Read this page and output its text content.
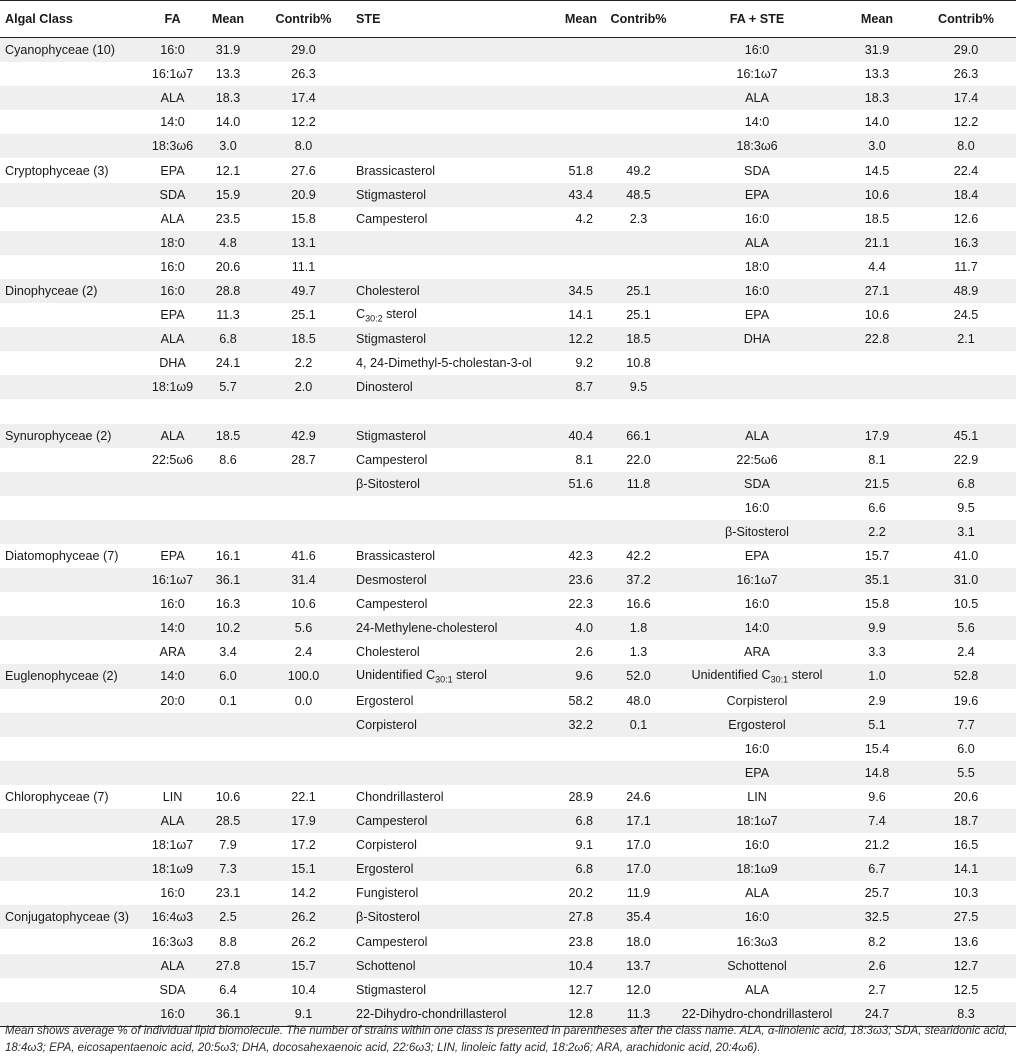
Algal Class	FA	Mean	Contrib%	STE	Mean	Contrib%	FA + STE	Mean	Contrib%
Cyanophyceae (10)	16:0	31.9	29.0				16:0	31.9	29.0
	16:1ω7	13.3	26.3				16:1ω7	13.3	26.3
	ALA	18.3	17.4				ALA	18.3	17.4
	14:0	14.0	12.2				14:0	14.0	12.2
	18:3ω6	3.0	8.0				18:3ω6	3.0	8.0
Cryptophyceae (3)	EPA	12.1	27.6	Brassicasterol	51.8	49.2	SDA	14.5	22.4
	SDA	15.9	20.9	Stigmasterol	43.4	48.5	EPA	10.6	18.4
	ALA	23.5	15.8	Campesterol	4.2	2.3	16:0	18.5	12.6
	18:0	4.8	13.1				ALA	21.1	16.3
	16:0	20.6	11.1				18:0	4.4	11.7
Dinophyceae (2)	16:0	28.8	49.7	Cholesterol	34.5	25.1	16:0	27.1	48.9
	EPA	11.3	25.1	$C_{30:2}$ sterol	14.1	25.1	EPA	10.6	24.5
	ALA	6.8	18.5	Stigmasterol	12.2	18.5	DHA	22.8	2.1
	DHA	24.1	2.2	4, 24-Dimethyl-5-cholestan-3-ol	9.2	10.8			
	18:1ω9	5.7	2.0	Dinosterol	8.7	9.5			

Synurophyceae (2)	ALA	18.5	42.9	Stigmasterol	40.4	66.1	ALA	17.9	45.1
	22:5ω6	8.6	28.7	Campesterol	8.1	22.0	22:5ω6	8.1	22.9
				β-Sitosterol	51.6	11.8	SDA	21.5	6.8
							16:0	6.6	9.5
							β-Sitosterol	2.2	3.1
Diatomophyceae (7)	EPA	16.1	41.6	Brassicasterol	42.3	42.2	EPA	15.7	41.0
	16:1ω7	36.1	31.4	Desmosterol	23.6	37.2	16:1ω7	35.1	31.0
	16:0	16.3	10.6	Campesterol	22.3	16.6	16:0	15.8	10.5
	14:0	10.2	5.6	24-Methylene-cholesterol	4.0	1.8	14:0	9.9	5.6
	ARA	3.4	2.4	Cholesterol	2.6	1.3	ARA	3.3	2.4
Euglenophyceae (2)	14:0	6.0	100.0	Unidentified $C_{30:1}$ sterol	9.6	52.0	Unidentified $C_{30:1}$ sterol	1.0	52.8
	20:0	0.1	0.0	Ergosterol	58.2	48.0	Corpisterol	2.9	19.6
				Corpisterol	32.2	0.1	Ergosterol	5.1	7.7
							16:0	15.4	6.0
							EPA	14.8	5.5
Chlorophyceae (7)	LIN	10.6	22.1	Chondrillasterol	28.9	24.6	LIN	9.6	20.6
	ALA	28.5	17.9	Campesterol	6.8	17.1	18:1ω7	7.4	18.7
	18:1ω7	7.9	17.2	Corpisterol	9.1	17.0	16:0	21.2	16.5
	18:1ω9	7.3	15.1	Ergosterol	6.8	17.0	18:1ω9	6.7	14.1
	16:0	23.1	14.2	Fungisterol	20.2	11.9	ALA	25.7	10.3
Conjugatophyceae (3)	16:4ω3	2.5	26.2	β-Sitosterol	27.8	35.4	16:0	32.5	27.5
	16:3ω3	8.8	26.2	Campesterol	23.8	18.0	16:3ω3	8.2	13.6
	ALA	27.8	15.7	Schottenol	10.4	13.7	Schottenol	2.6	12.7
	SDA	6.4	10.4	Stigmasterol	12.7	12.0	ALA	2.7	12.5
	16:0	36.1	9.1	22-Dihydro-chondrillasterol	12.8	11.3	22-Dihydro-chondrillasterol	24.7	8.3
Mean shows average % of individual lipid biomolecule. The number of strains within one class is presented in parentheses after the class name. ALA, α-linolenic acid, 18:3ω3; SDA, stearidonic acid, 18:4ω3; EPA, eicosapentaenoic acid, 20:5ω3; DHA, docosahexaenoic acid, 22:6ω3; LIN, linoleic fatty acid, 18:2ω6; ARA, arachidonic acid, 20:4ω6).
